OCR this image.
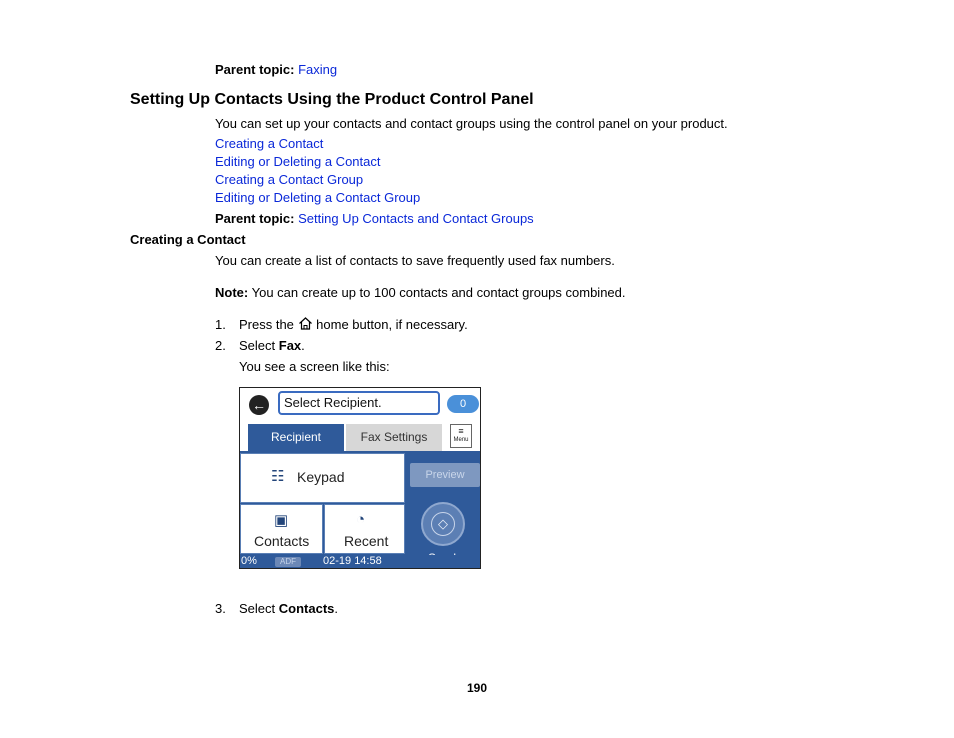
Parent topic: Faxing
Setting Up Contacts Using the Product Control Panel
You can set up your contacts and contact groups using the control panel on your product.
Creating a Contact
Editing or Deleting a Contact
Creating a Contact Group
Editing or Deleting a Contact Group
Parent topic: Setting Up Contacts and Contact Groups
Creating a Contact
You can create a list of contacts to save frequently used fax numbers.
Note: You can create up to 100 contacts and contact groups combined.
1. Press the home button, if necessary.
2. Select Fax.
You see a screen like this:
←	Select Recipient.	0
Recipient	Fax Settings	≡
Menu
☷ Keypad
▣
Contacts
◔
Recent
Preview
◇
0%	ADF	02-19 14:58
3. Select Contacts.
190
